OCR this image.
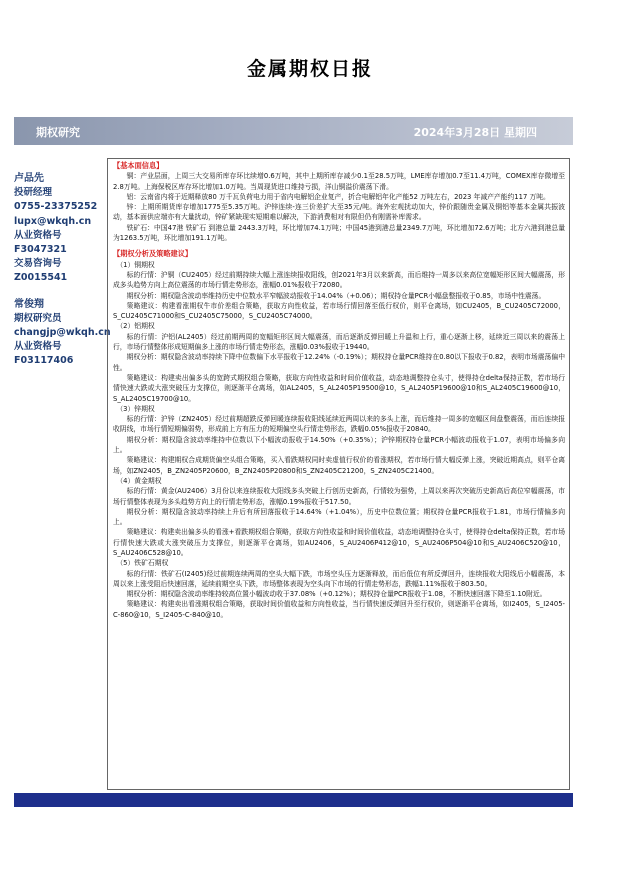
金属期权日报
期权研究	2024年3月28日 星期四
卢品先
投研经理
0755-23375252
lupx@wkqh.cn
从业资格号
F3047321
交易咨询号
Z0015541
常俊翔
期权研究员
changjp@wkqh.cn
从业资格号
F03117406

【基本面信息】

铜：产业层面，上周三大交易所库存环比续增0.6万吨，其中上期所库存减少0.1至28.5万吨，LME库存增加0.7至11.4万吨，COMEX库存微增至2.8万吨。上海保税区库存环比增加1.0万吨。当周现货进口维持亏损，洋山铜溢价震荡下滑。

铝：云南省内将于近期释放80 万千瓦负荷电力用于省内电解铝企业复产，折合电解铝年化产能52 万吨左右，2023 年减产产能约117 万吨。

锌：上期所期货库存增加1775至5.35万吨。沪锌连续-连三价差扩大至35元/吨。海外宏观扰动加大，锌价跟随贵金属及铜铝等基本金属共振波动，基本面供应端亦有大量扰动，锌矿紧缺现实短期难以解决，下游消费相对有限但仍有刚需补库需求。

铁矿石：中国47港 铁矿石 到港总量 2443.3万吨，环比增加74.1万吨；中国45港到港总量2349.7万吨，环比增加72.6万吨；北方六港到港总量为1263.5万吨，环比增加191.1万吨。

【期权分析及策略建议】

（1）铜期权

标的行情：沪铜（CU2405）经过前期持续大幅上涨连续报收阳线，创2021年3月以来新高，而后维持一周多以来高位宽幅矩形区间大幅震荡，形成多头趋势方向上高位震荡的市场行情走势形态，涨幅0.01%报收于72080。

期权分析：期权隐含波动率维持历史中位数水平窄幅波动报收于14.04%（+0.06）；期权持仓量PCR小幅盘整报收于0.85，市场中性震荡。

策略建议：构建看涨期权牛市价差组合策略，获取方向性收益，若市场行情回落至低行权价，则平仓离场，如CU2405，B_CU2405C72000，S_CU2405C71000和S_CU2405C75000，S_CU2405C74000。

（2）铝期权

标的行情：沪铝(AL2405）经过前期两周的宽幅矩形区间大幅震荡，而后逐渐反弹回暖上升温和上行，重心逐渐上移，延续近三周以来的震荡上行，市场行情整体形成短期偏多上涨的市场行情走势形态，涨幅0.03%报收于19440。

期权分析：期权隐含波动率持续下降中位数偏下水平报收于12.24%（-0.19%）；期权持仓量PCR维持在0.80以下报收于0.82，表明市场震荡偏中性。

策略建议：构建卖出偏多头的宽跨式期权组合策略，获取方向性收益和时间价值收益，动态地调整持仓头寸，使得持仓delta保持正数，若市场行情快速大跌或大涨突破压力支撑位，则逐渐平仓离场，如AL2405，S_AL2405P19500@10，S_AL2405P19600@10和S_AL2405C19600@10，S_AL2405C19700@10。

（3）锌期权

标的行情：沪锌（ZN2405）经过前期超跌反弹回暖连续报收阳线延续近两周以来的多头上涨，而后维持一周多的宽幅区间盘整震荡，而后连续报收阴线，市场行情短期偏弱势，形成前上方有压力的短期偏空头行情走势形态，跌幅0.05%报收于20840。

期权分析：期权隐含波动率维持中位数以下小幅波动报收于14.50%（+0.35%）；沪锌期权持仓量PCR小幅波动报收于1.07，表明市场偏多向上。

策略建议：构建期权合成期货偏空头组合策略，买入看跌期权同时卖虚值行权价的看涨期权，若市场行情大幅反弹上涨，突破近期高点，则平仓离场，如ZN2405，B_ZN2405P20600，B_ZN2405P20800和S_ZN2405C21200，S_ZN2405C21400。

（4）黄金期权

标的行情：黄金(AU2406）3月份以来连续报收大阳线多头突破上行创历史新高，行情较为强势，上周以来再次突破历史新高后高位窄幅震荡，市场行情整体表现为多头趋势方向上的行情走势形态，涨幅0.19%报收于517.50。

期权分析：期权隐含波动率持续上升后有所回落报收于14.64%（+1.04%），历史中位数位置；期权持仓量PCR报收于1.81，市场行情偏多向上。

策略建议：构建卖出偏多头的看涨+看跌期权组合策略，获取方向性收益和时间价值收益，动态地调整持仓头寸，使得持仓delta保持正数，若市场行情快速大跌或大涨突破压力支撑位，则逐渐平仓离场，如AU2406，S_AU2406P412@10，S_AU2406P504@10和S_AU2406C520@10，S_AU2406C528@10。

（5）铁矿石期权

标的行情：铁矿石(I2405)经过前期连续两周的空头大幅下跌，市场空头压力逐渐释放，而后低位有所反弹回升，连续报收大阳线后小幅震荡，本周以来上涨受阻后快速回落，延续前期空头下跌，市场整体表现为空头向下市场的行情走势形态，跌幅1.11%报收于803.50。

期权分析：期权隐含波动率维持较高位置小幅波动收于37.08%（+0.12%）；期权持仓量PCR报收于1.08，不断快速回落下降至1.10附近。

策略建议：构建卖出看涨期权组合策略，获取时间价值收益和方向性收益，当行情快速反弹回升至行权价，则逐渐平仓离场，如I2405，S_I2405-C-860@10，S_I2405-C-840@10。
